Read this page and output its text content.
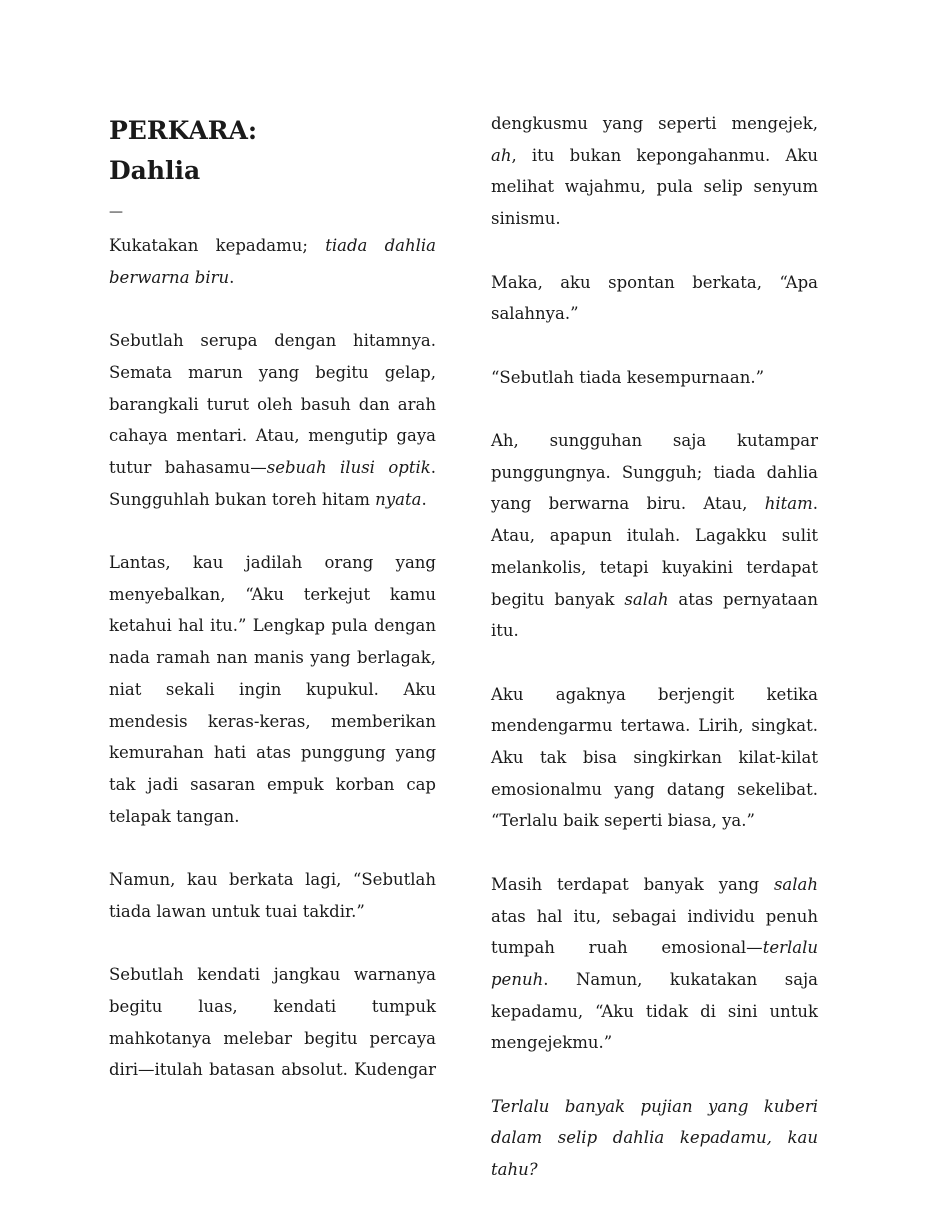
PERKARA:
Dahlia
—

Kukatakan kepadamu; tiada dahlia berwarna biru.

Sebutlah serupa dengan hitamnya. Semata marun yang begitu gelap, barangkali turut oleh basuh dan arah cahaya mentari. Atau, mengutip gaya tutur bahasamu—sebuah ilusi optik. Sungguhlah bukan toreh hitam nyata.

Lantas, kau jadilah orang yang menyebalkan, “Aku terkejut kamu ketahui hal itu.” Lengkap pula dengan nada ramah nan manis yang berlagak, niat sekali ingin kupukul. Aku mendesis keras-keras, memberikan kemurahan hati atas punggung yang tak jadi sasaran empuk korban cap telapak tangan.

Namun, kau berkata lagi, “Sebutlah tiada lawan untuk tuai takdir.”

Sebutlah kendati jangkau warnanya begitu luas, kendati tumpuk mahkotanya melebar begitu percaya diri—itulah batasan absolut. Kudengar

dengkusmu yang seperti mengejek, ah, itu bukan kepongahanmu. Aku melihat wajahmu, pula selip senyum sinismu.

Maka, aku spontan berkata, “Apa salahnya.”

“Sebutlah tiada kesempurnaan.”

Ah, sungguhan saja kutampar punggungnya. Sungguh; tiada dahlia yang berwarna biru. Atau, hitam. Atau, apapun itulah. Lagakku sulit melankolis, tetapi kuyakini terdapat begitu banyak salah atas pernyataan itu.

Aku agaknya berjengit ketika mendengarmu tertawa. Lirih, singkat. Aku tak bisa singkirkan kilat-kilat emosionalmu yang datang sekelibat. “Terlalu baik seperti biasa, ya.”

Masih terdapat banyak yang salah atas hal itu, sebagai individu penuh tumpah ruah emosional—terlalu penuh. Namun, kukatakan saja kepadamu, “Aku tidak di sini untuk mengejekmu.”

Terlalu banyak pujian yang kuberi dalam selip dahlia kepadamu, kau tahu?
